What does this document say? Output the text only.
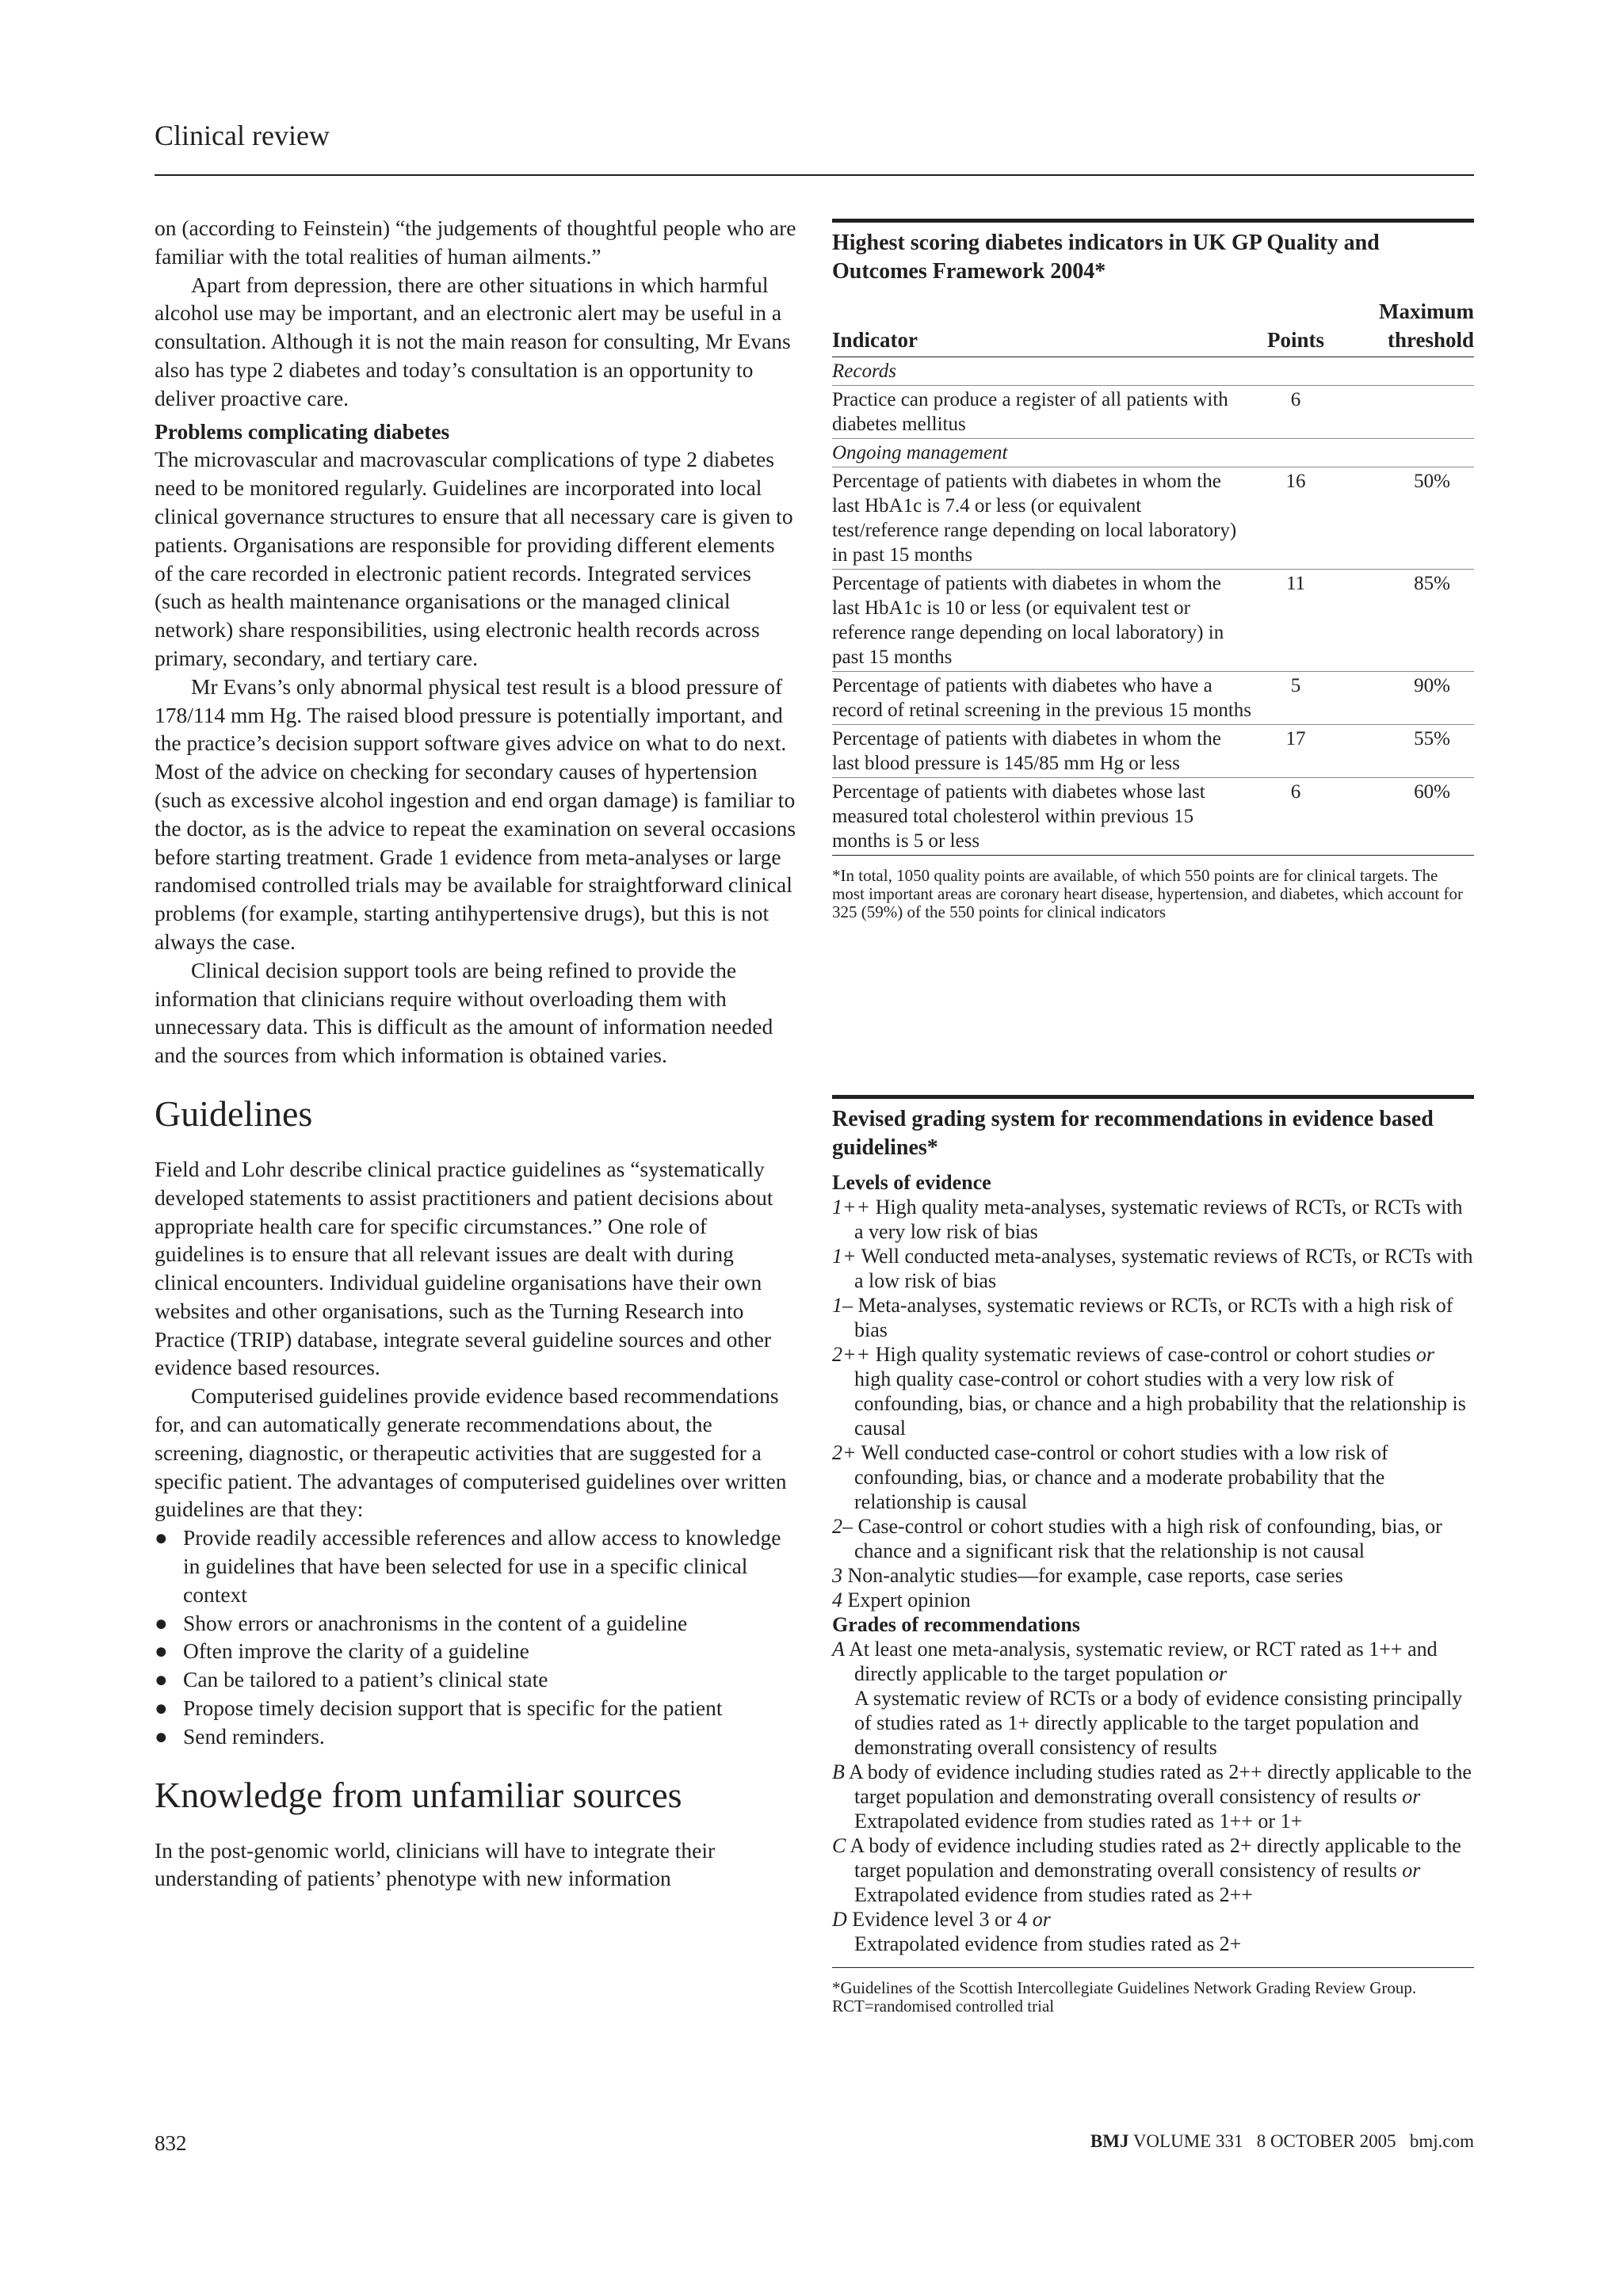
Clinical review

on (according to Feinstein) “the judgements of thoughtful people who are familiar with the total realities of human ailments.”

Apart from depression, there are other situations in which harmful alcohol use may be important, and an electronic alert may be useful in a consultation. Although it is not the main reason for consulting, Mr Evans also has type 2 diabetes and today’s consultation is an opportunity to deliver proactive care.

Problems complicating diabetes

The microvascular and macrovascular complications of type 2 diabetes need to be monitored regularly. Guidelines are incorporated into local clinical governance structures to ensure that all necessary care is given to patients. Organisations are responsible for providing different elements of the care recorded in electronic patient records. Integrated services (such as health maintenance organisations or the managed clinical network) share responsibilities, using electronic health records across primary, secondary, and tertiary care.

Mr Evans’s only abnormal physical test result is a blood pressure of 178/114 mm Hg. The raised blood pressure is potentially important, and the practice’s decision support software gives advice on what to do next. Most of the advice on checking for secondary causes of hypertension (such as excessive alcohol ingestion and end organ damage) is familiar to the doctor, as is the advice to repeat the examination on several occasions before starting treatment. Grade 1 evidence from meta-analyses or large randomised controlled trials may be available for straightforward clinical problems (for example, starting antihypertensive drugs), but this is not always the case.

Clinical decision support tools are being refined to provide the information that clinicians require without overloading them with unnecessary data. This is difficult as the amount of information needed and the sources from which information is obtained varies.

Guidelines

Field and Lohr describe clinical practice guidelines as “systematically developed statements to assist practitioners and patient decisions about appropriate health care for specific circumstances.” One role of guidelines is to ensure that all relevant issues are dealt with during clinical encounters. Individual guideline organisations have their own websites and other organisations, such as the Turning Research into Practice (TRIP) database, integrate several guideline sources and other evidence based resources.

Computerised guidelines provide evidence based recommendations for, and can automatically generate recommendations about, the screening, diagnostic, or therapeutic activities that are suggested for a specific patient. The advantages of computerised guidelines over written guidelines are that they:

● Provide readily accessible references and allow access to knowledge in guidelines that have been selected for use in a specific clinical context
● Show errors or anachronisms in the content of a guideline
● Often improve the clarity of a guideline
● Can be tailored to a patient’s clinical state
● Propose timely decision support that is specific for the patient
● Send reminders.
Knowledge from unfamiliar sources

In the post-genomic world, clinicians will have to integrate their understanding of patients’ phenotype with new information

Highest scoring diabetes indicators in UK GP Quality and Outcomes Framework 2004*
Indicator	Points	Maximum threshold
Records		
Practice can produce a register of all patients with diabetes mellitus	6	
Ongoing management		
Percentage of patients with diabetes in whom the last HbA1c is 7.4 or less (or equivalent test/reference range depending on local laboratory) in past 15 months	16	50%
Percentage of patients with diabetes in whom the last HbA1c is 10 or less (or equivalent test or reference range depending on local laboratory) in past 15 months	11	85%
Percentage of patients with diabetes who have a record of retinal screening in the previous 15 months	5	90%
Percentage of patients with diabetes in whom the last blood pressure is 145/85 mm Hg or less	17	55%
Percentage of patients with diabetes whose last measured total cholesterol within previous 15 months is 5 or less	6	60%
*In total, 1050 quality points are available, of which 550 points are for clinical targets. The most important areas are coronary heart disease, hypertension, and diabetes, which account for 325 (59%) of the 550 points for clinical indicators
Revised grading system for recommendations in evidence based guidelines*
Levels of evidence
1++ High quality meta-analyses, systematic reviews of RCTs, or RCTs with a very low risk of bias
1+ Well conducted meta-analyses, systematic reviews of RCTs, or RCTs with a low risk of bias
1– Meta-analyses, systematic reviews or RCTs, or RCTs with a high risk of bias
2++ High quality systematic reviews of case-control or cohort studies or high quality case-control or cohort studies with a very low risk of confounding, bias, or chance and a high probability that the relationship is causal
2+ Well conducted case-control or cohort studies with a low risk of confounding, bias, or chance and a moderate probability that the relationship is causal
2– Case-control or cohort studies with a high risk of confounding, bias, or chance and a significant risk that the relationship is not causal
3 Non-analytic studies—for example, case reports, case series
4 Expert opinion
Grades of recommendations
A At least one meta-analysis, systematic review, or RCT rated as 1++ and directly applicable to the target population or
A systematic review of RCTs or a body of evidence consisting principally of studies rated as 1+ directly applicable to the target population and demonstrating overall consistency of results
B A body of evidence including studies rated as 2++ directly applicable to the target population and demonstrating overall consistency of results or
Extrapolated evidence from studies rated as 1++ or 1+
C A body of evidence including studies rated as 2+ directly applicable to the target population and demonstrating overall consistency of results or
Extrapolated evidence from studies rated as 2++
D Evidence level 3 or 4 or
Extrapolated evidence from studies rated as 2+
*Guidelines of the Scottish Intercollegiate Guidelines Network Grading Review Group. RCT=randomised controlled trial
832	BMJ VOLUME 331   8 OCTOBER 2005   bmj.com
